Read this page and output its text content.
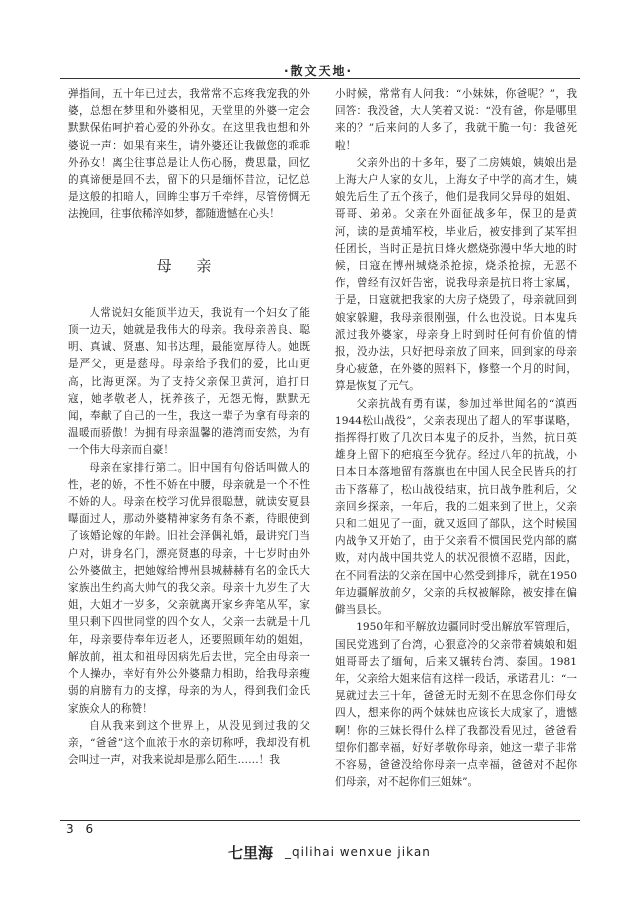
·散文天地·

弹指间，五十年已过去，我常常不忘疼我宠我的外婆，总想在梦里和外婆相见，天堂里的外婆一定会默默保佑呵护着心爱的外孙女。在这里我也想和外婆说一声：如果有来生，请外婆还让我做您的乖乖外孙女！离尘往事总是让人伤心肠，费思量，回忆的真谛便是回不去，留下的只是缅怀昔泣，记忆总是这般的扣暗人，回眸尘事万千牵绊，尽管傍惆无法挽回，往事依稀淬如梦，都随遗憾在心头！

母 亲

人常说妇女能顶半边天，我说有一个妇女了能顶一边天，她就是我伟大的母亲。我母亲善良、聪明、真诚、贤惠、知书达理，最能宽厚待人。她既是严父，更是慈母。母亲给予我们的爱，比山更高，比海更深。为了支持父亲保卫黄河，追打日寇，她孝敬老人，抚养孩子，无怨无悔，默默无闻，奉献了自己的一生，我这一辈子为拿有母亲的温暖而骄傲！为拥有母亲温馨的港湾而安然，为有一个伟大母亲而自豪！

母亲在家排行第二。旧中国有句俗话叫做人的性，老的娇，不性不娇在中腰，母亲就是一个不性不娇的人。母亲在校学习优异很聪慧，就读安夏县曝面过人，那动外婆精神家务有条不紊，待眼使到了该婚论嫁的年龄。旧社会泽偶礼婚，最讲究门当户对，讲身名门，漂亮贤惠的母亲，十七岁时由外公外婆做主，把她嫁给博州县城赫赫有名的金氏大家族出生约高大帅气的我父亲。母亲十九岁生了大姐，大姐才一岁多，父亲就离开家乡奔笔从军，家里只剩下四世同堂的四个女人，父亲一去就是十几年，母亲要侍奉年迈老人，还要照顾年幼的姐姐，解放前，祖太和祖母因病先后去世，完全由母亲一个人操办，幸好有外公外婆鼎力相助，给我母亲瘦弱的肩膀有力的支撑，母亲的为人，得到我们金氏家族众人的称赞！

自从我来到这个世界上，从没见到过我的父亲，“爸爸”这个血浓于水的亲切称呼，我却没有机会叫过一声，对我来说却是那么陌生……！我

小时候，常常有人问我：“小妹妹，你爸呢？”，我回答：我没爸，大人笑着又说：“没有爸，你是哪里来的？”后来问的人多了，我就干脆一句：我爸死啦！

父亲外出的十多年，娶了二房姨娘，姨娘出是上海大户人家的女儿，上海女子中学的高才生，姨娘先后生了五个孩子，他们是我同父异母的姐姐、哥哥、弟弟。父亲在外面征战多年，保卫的是黄河，读的是黄埔军校，毕业后，被安排到了某军担任团长，当时正是抗日烽火燃烧弥漫中华大地的时候，日寇在博州城烧杀抢掠，烧杀抢掠，无恶不作，曾经有汉奸告密，说我母亲是抗日将士家属，于是，日寇就把我家的大房子烧毁了，母亲就回到娘家躲避，我母亲很刚强，什么也没说。日本鬼兵派过我外婆家，母亲身上时到时任何有价值的情报，没办法，只好把母亲放了回来，回到家的母亲身心疲惫，在外婆的照料下，修整一个月的时间，算是恢复了元气。

父亲抗战有勇有谋，参加过举世闻名的“滇西1944松山战役”，父亲表现出了超人的军事谋略，指挥得打败了几次日本鬼子的反扑，当然，抗日英雄身上留下的疤痕至今犹存。经过八年的抗战，小日本日本落地留有落旗也在中国人民全民皆兵的打击下落幕了，松山战役结束，抗日战争胜利后，父亲回乡探亲，一年后，我的二姐来到了世上，父亲只和二姐见了一面，就又返回了部队，这个时候国内战争又开始了，由于父亲看不惯国民党内部的腐败，对内战中国共党人的状况很愤不忍睹，因此，在不同看法的父亲在国中心然受到排斥，就在1950年边疆解放前夕，父亲的兵权被解除，被安排在偏僻当县长。

1950年和平解放边疆同时受出解放军管理后，国民党逃到了台湾，心狠意冷的父亲带着姨娘和姐姐哥哥去了缅甸，后来又辗转台湾、泰国。1981年，父亲给大姐来信有这样一段话，承诺君儿：“一晃就过去三十年，爸爸无时无刻不在思念你们母女四人，想来你的两个妹妹也应该长大成家了，遗憾啊！你的三妹长得什么样了我都没看见过，爸爸看望你们都幸福，好好孝敬你母亲，她这一辈子非常不容易，爸爸没给你母亲一点幸福，爸爸对不起你们母亲，对不起你们三姐妹”。

3 6
七里海 _qilihai wenxue jikan
